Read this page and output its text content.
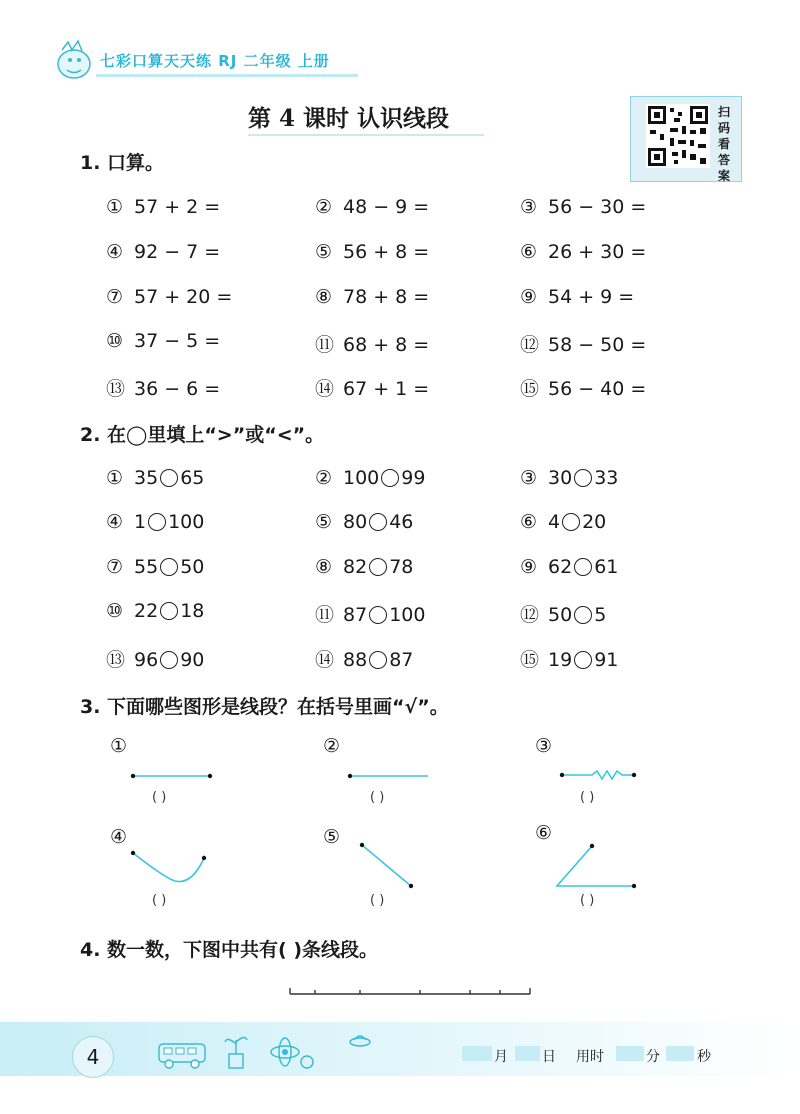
七彩口算天天练 RJ 二年级 上册
第 4 课时 认识线段	扫
码
看
答
案
1. 口算。
① 57 + 2 =	② 48 − 9 =	③ 56 − 30 =
④ 92 − 7 =	⑤ 56 + 8 =	⑥ 26 + 30 =
⑦ 57 + 20 =	⑧ 78 + 8 =	⑨ 54 + 9 =
⑩ 37 − 5 =	⑪ 68 + 8 =	⑫ 58 − 50 =
⑬ 36 − 6 =	⑭ 67 + 1 =	⑮ 56 − 40 =
2. 在◯里填上“>”或“<”。
① 35 65	② 100 99	③ 30 33
④ 1 100	⑤ 80 46	⑥ 4 20
⑦ 55 50	⑧ 82 78	⑨ 62 61
⑩ 22 18	⑪ 87 100	⑫ 50 5
⑬ 96 90	⑭ 88 87	⑮ 19 91
3. 下面哪些图形是线段？在括号里画“√”。
①	②	③
④	⑤	⑥
( )	( )	( )
( )	( )	( )
4. 数一数，下图中共有( )条线段。
4	月 日 用时	分	秒
